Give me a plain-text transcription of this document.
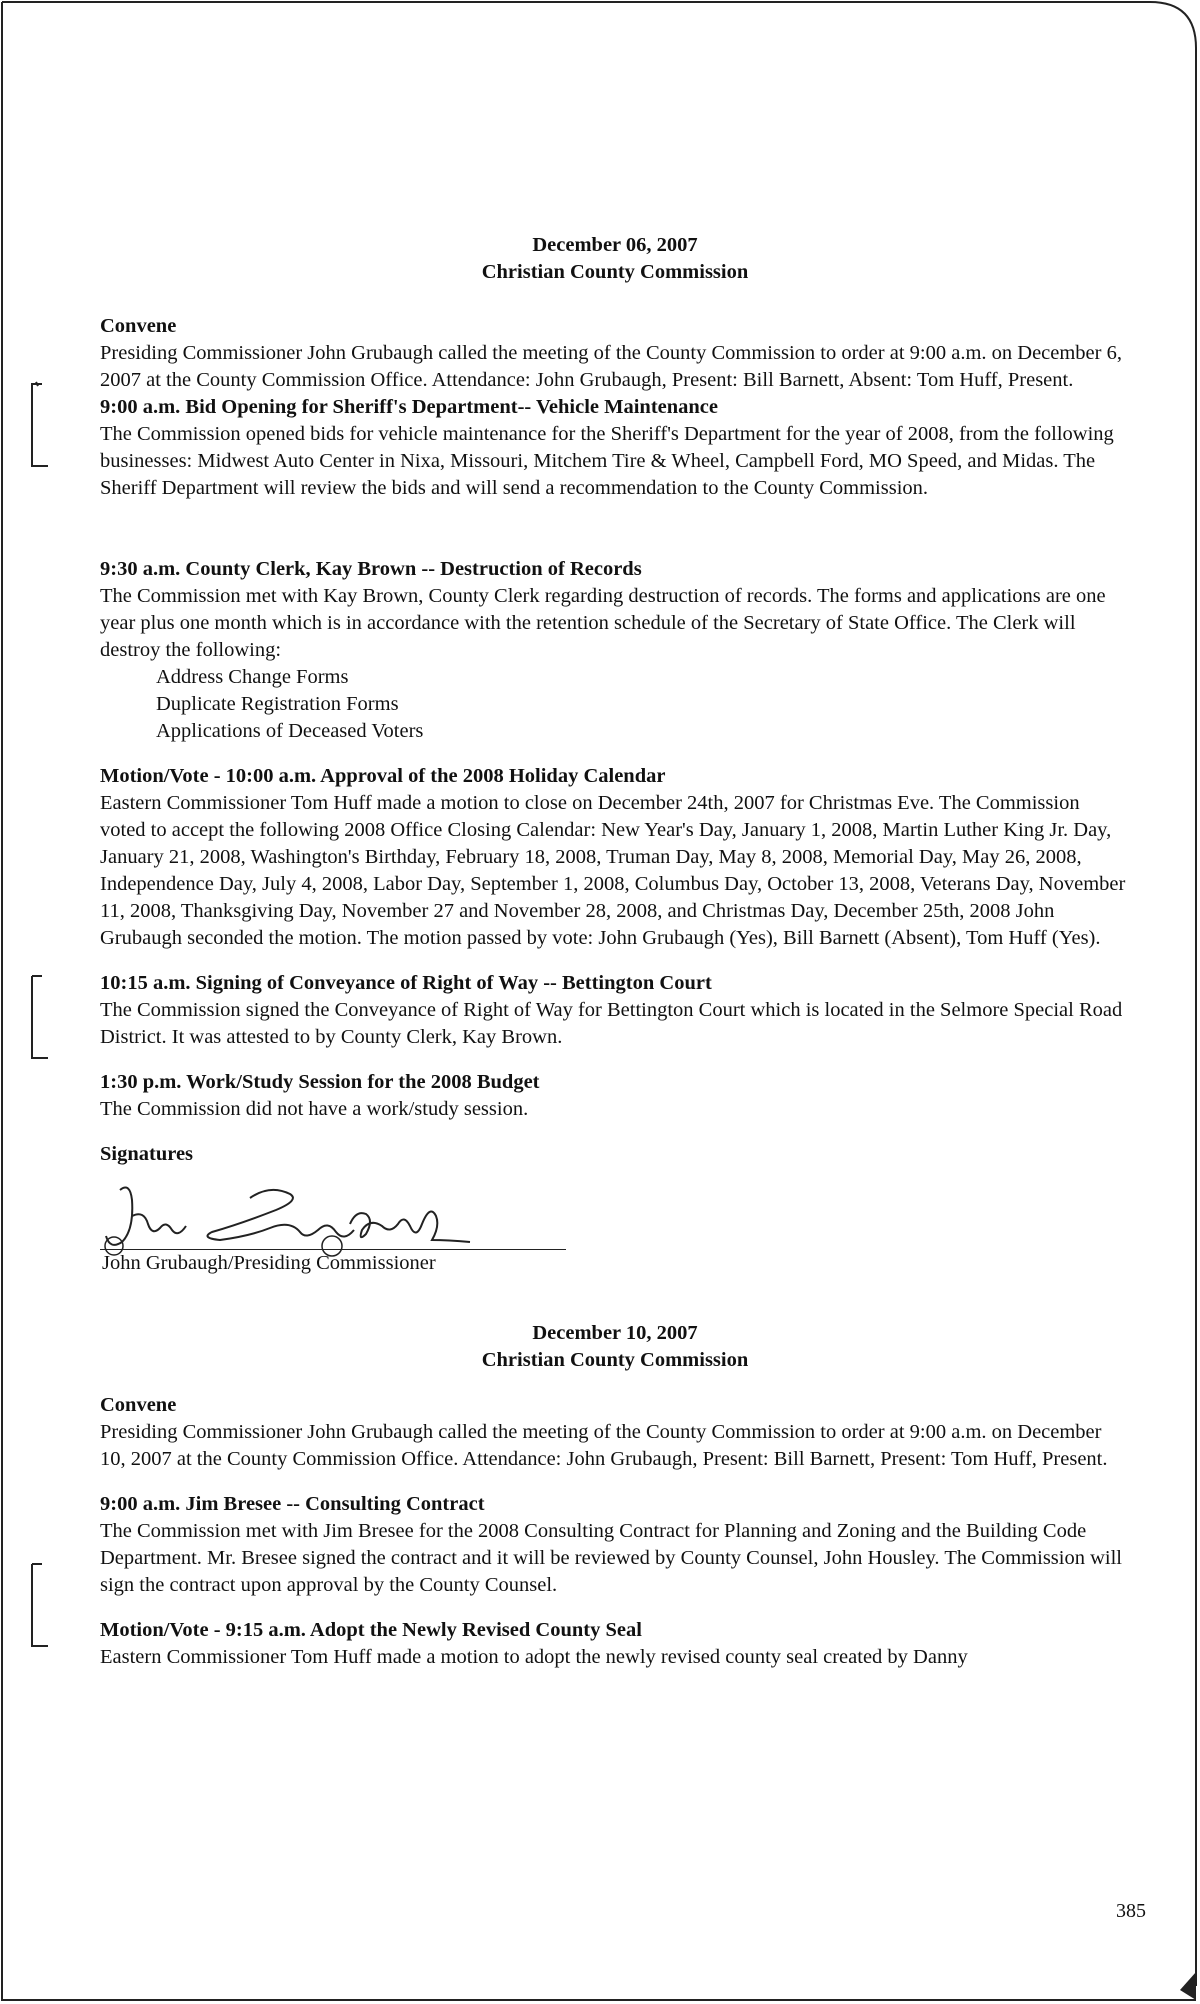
December 06, 2007
Christian County Commission
Convene

Presiding Commissioner John Grubaugh called the meeting of the County Commission to order at 9:00 a.m. on December 6, 2007 at the County Commission Office. Attendance: John Grubaugh, Present: Bill Barnett, Absent: Tom Huff, Present.

9:00 a.m. Bid Opening for Sheriff's Department-- Vehicle Maintenance

The Commission opened bids for vehicle maintenance for the Sheriff's Department for the year of 2008, from the following businesses: Midwest Auto Center in Nixa, Missouri, Mitchem Tire & Wheel, Campbell Ford, MO Speed, and Midas. The Sheriff Department will review the bids and will send a recommendation to the County Commission.

9:30 a.m. County Clerk, Kay Brown -- Destruction of Records

The Commission met with Kay Brown, County Clerk regarding destruction of records. The forms and applications are one year plus one month which is in accordance with the retention schedule of the Secretary of State Office. The Clerk will destroy the following:

Address Change Forms
Duplicate Registration Forms
Applications of Deceased Voters
Motion/Vote - 10:00 a.m. Approval of the 2008 Holiday Calendar

Eastern Commissioner Tom Huff made a motion to close on December 24th, 2007 for Christmas Eve. The Commission voted to accept the following 2008 Office Closing Calendar: New Year's Day, January 1, 2008, Martin Luther King Jr. Day, January 21, 2008, Washington's Birthday, February 18, 2008, Truman Day, May 8, 2008, Memorial Day, May 26, 2008, Independence Day, July 4, 2008, Labor Day, September 1, 2008, Columbus Day, October 13, 2008, Veterans Day, November 11, 2008, Thanksgiving Day, November 27 and November 28, 2008, and Christmas Day, December 25th, 2008 John Grubaugh seconded the motion. The motion passed by vote: John Grubaugh (Yes), Bill Barnett (Absent), Tom Huff (Yes).

10:15 a.m. Signing of Conveyance of Right of Way -- Bettington Court

The Commission signed the Conveyance of Right of Way for Bettington Court which is located in the Selmore Special Road District. It was attested to by County Clerk, Kay Brown.

1:30 p.m. Work/Study Session for the 2008 Budget

The Commission did not have a work/study session.

Signatures
John Grubaugh/Presiding Commissioner
December 10, 2007
Christian County Commission
Convene

Presiding Commissioner John Grubaugh called the meeting of the County Commission to order at 9:00 a.m. on December 10, 2007 at the County Commission Office. Attendance: John Grubaugh, Present: Bill Barnett, Present: Tom Huff, Present.

9:00 a.m. Jim Bresee -- Consulting Contract

The Commission met with Jim Bresee for the 2008 Consulting Contract for Planning and Zoning and the Building Code Department. Mr. Bresee signed the contract and it will be reviewed by County Counsel, John Housley. The Commission will sign the contract upon approval by the County Counsel.

Motion/Vote - 9:15 a.m. Adopt the Newly Revised County Seal

Eastern Commissioner Tom Huff made a motion to adopt the newly revised county seal created by Danny

385
